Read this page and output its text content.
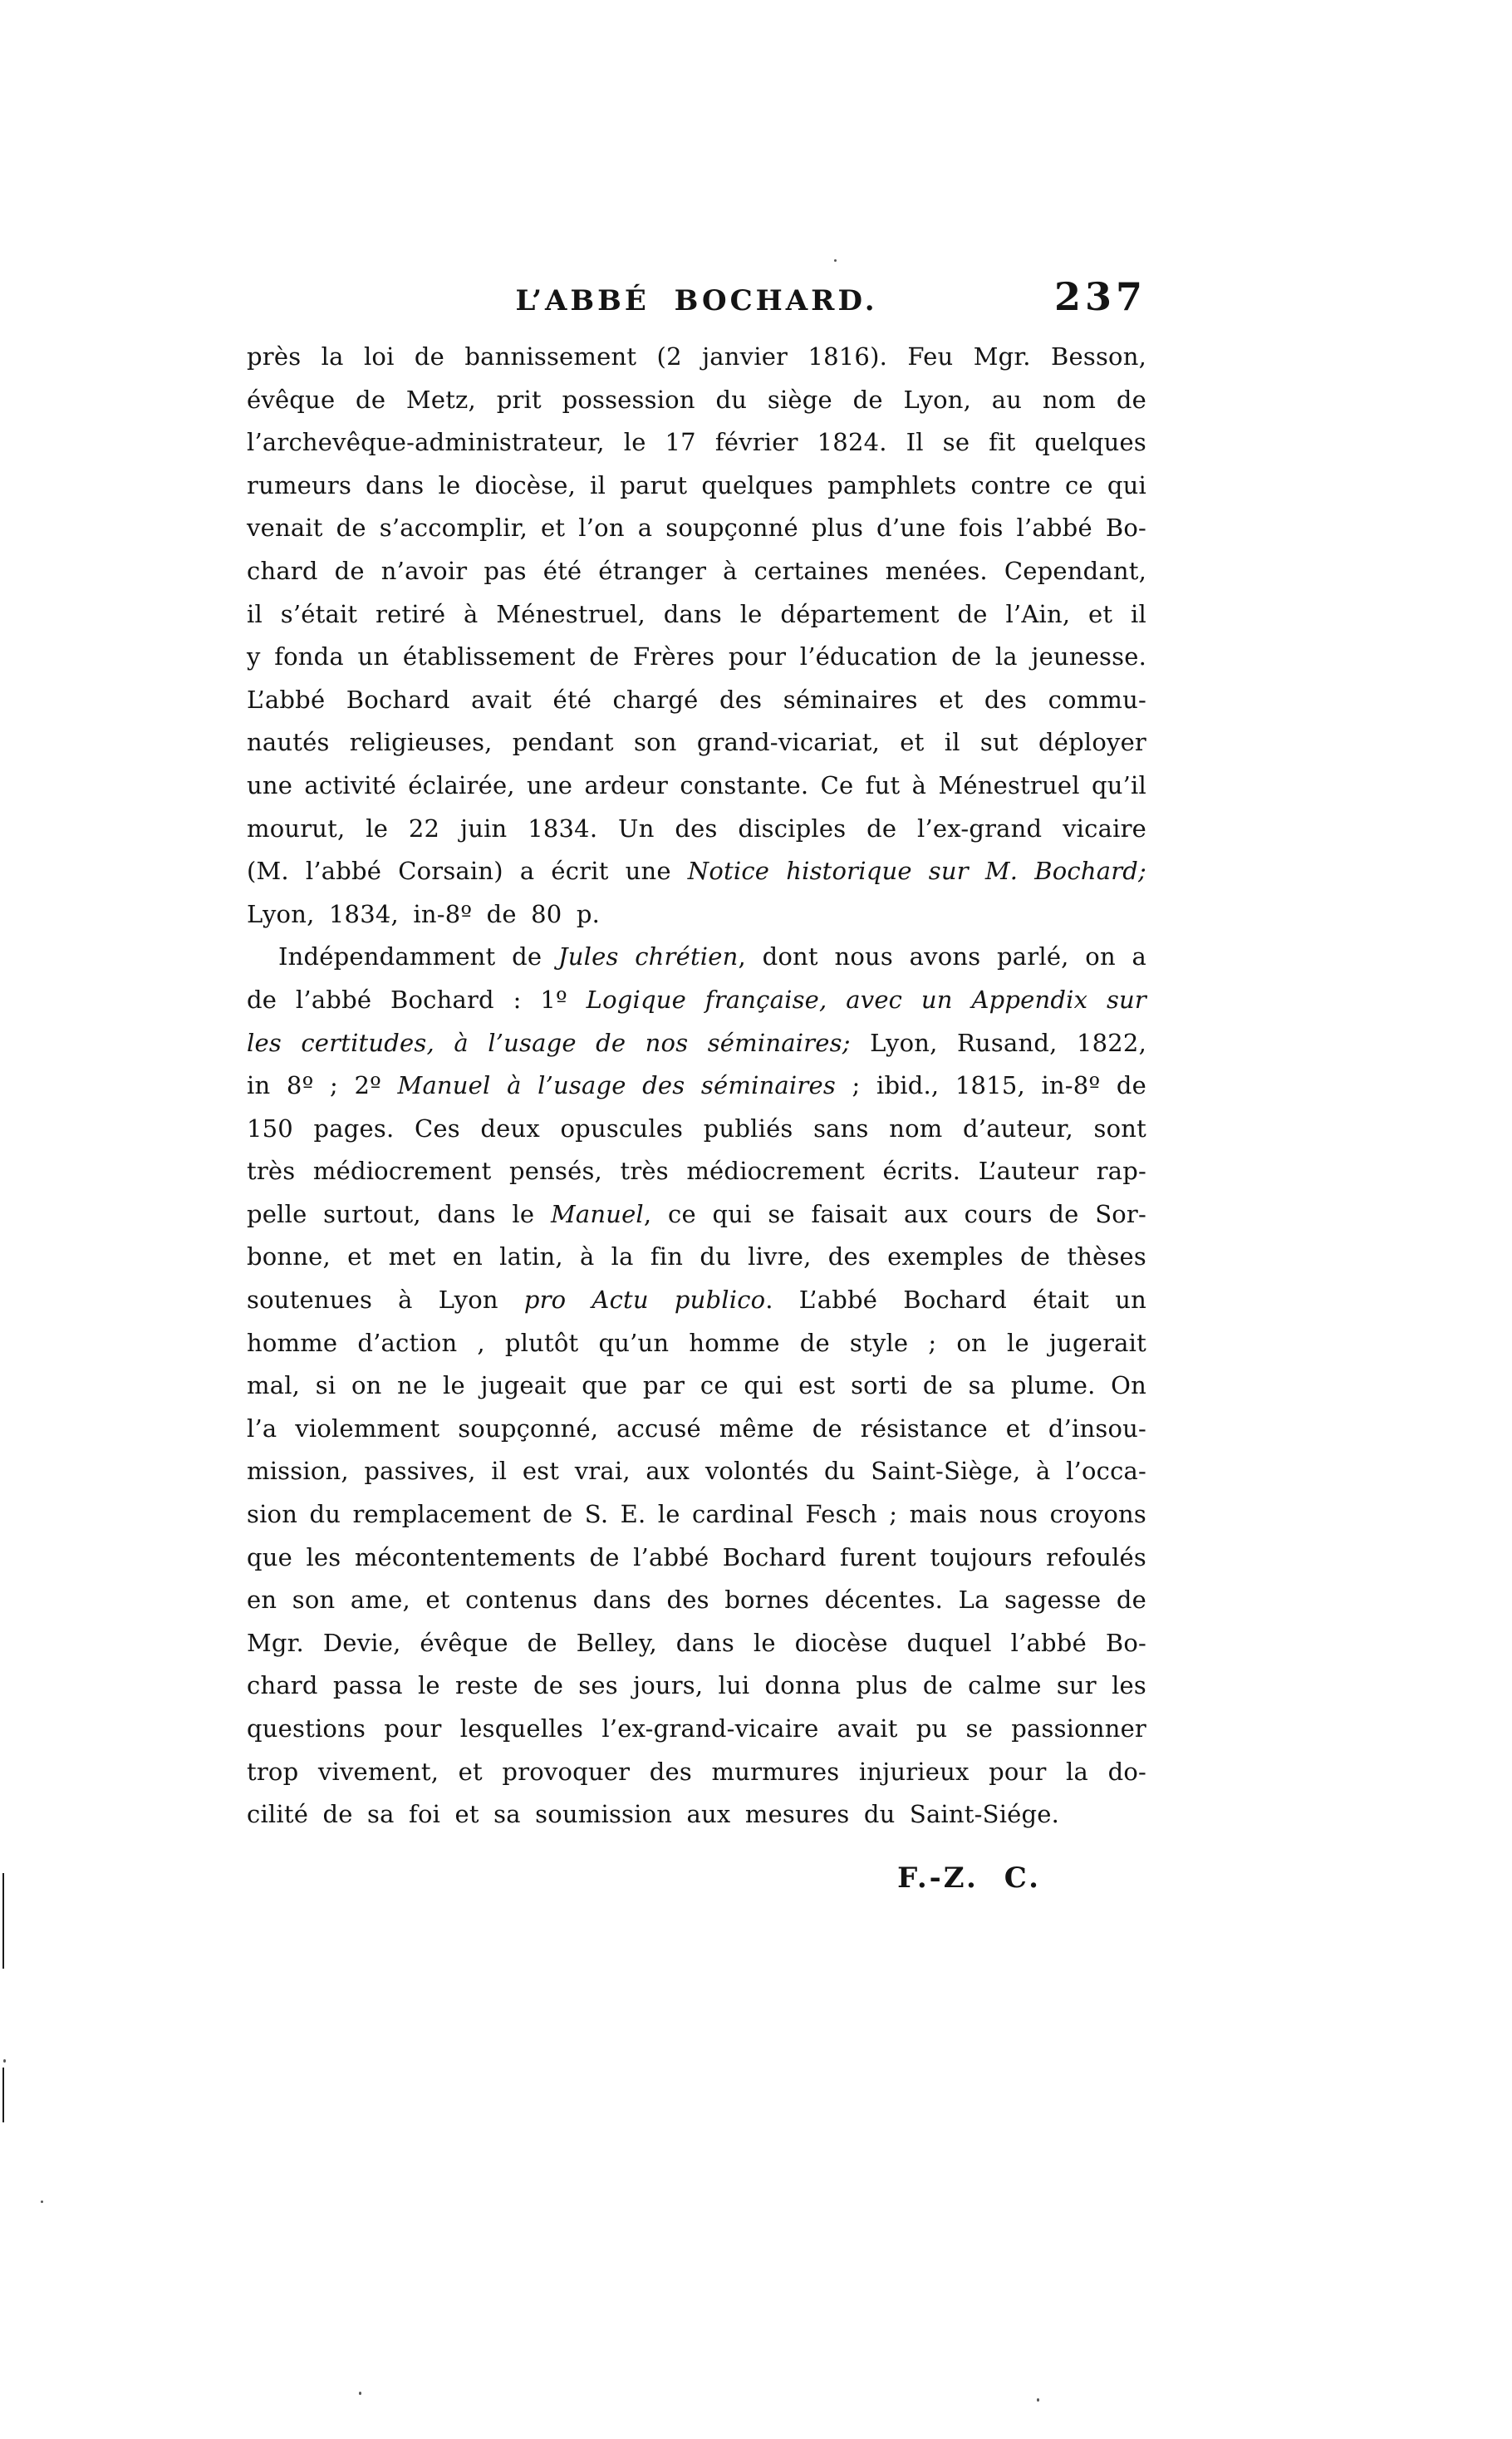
L’ABBÉ BOCHARD.	237
près la loi de bannissement (2 janvier 1816). Feu Mgr. Besson,
évêque de Metz, prit possession du siège de Lyon, au nom de
l’archevêque-administrateur, le 17 février 1824. Il se fit quelques
rumeurs dans le diocèse, il parut quelques pamphlets contre ce qui
venait de s’accomplir, et l’on a soupçonné plus d’une fois l’abbé Bo-
chard de n’avoir pas été étranger à certaines menées. Cependant,
il s’était retiré à Ménestruel, dans le département de l’Ain, et il
y fonda un établissement de Frères pour l’éducation de la jeunesse.
L’abbé Bochard avait été chargé des séminaires et des commu-
nautés religieuses, pendant son grand-vicariat, et il sut déployer
une activité éclairée, une ardeur constante. Ce fut à Ménestruel qu’il
mourut, le 22 juin 1834. Un des disciples de l’ex-grand vicaire
(M. l’abbé Corsain) a écrit une Notice historique sur M. Bochard;
Lyon, 1834, in-8º de 80 p.
Indépendamment de Jules chrétien, dont nous avons parlé, on a
de l’abbé Bochard : 1º Logique française, avec un Appendix sur
les certitudes, à l’usage de nos séminaires; Lyon, Rusand, 1822,
in 8º ; 2º Manuel à l’usage des séminaires ; ibid., 1815, in-8º de
150 pages. Ces deux opuscules publiés sans nom d’auteur, sont
très médiocrement pensés, très médiocrement écrits. L’auteur rap-
pelle surtout, dans le Manuel, ce qui se faisait aux cours de Sor-
bonne, et met en latin, à la fin du livre, des exemples de thèses
soutenues à Lyon pro Actu publico. L’abbé Bochard était un
homme d’action , plutôt qu’un homme de style ; on le jugerait
mal, si on ne le jugeait que par ce qui est sorti de sa plume. On
l’a violemment soupçonné, accusé même de résistance et d’insou-
mission, passives, il est vrai, aux volontés du Saint-Siège, à l’occa-
sion du remplacement de S. E. le cardinal Fesch ; mais nous croyons
que les mécontentements de l’abbé Bochard furent toujours refoulés
en son ame, et contenus dans des bornes décentes. La sagesse de
Mgr. Devie, évêque de Belley, dans le diocèse duquel l’abbé Bo-
chard passa le reste de ses jours, lui donna plus de calme sur les
questions pour lesquelles l’ex-grand-vicaire avait pu se passionner
trop vivement, et provoquer des murmures injurieux pour la do-
cilité de sa foi et sa soumission aux mesures du Saint-Siége.
F.-Z. C.
